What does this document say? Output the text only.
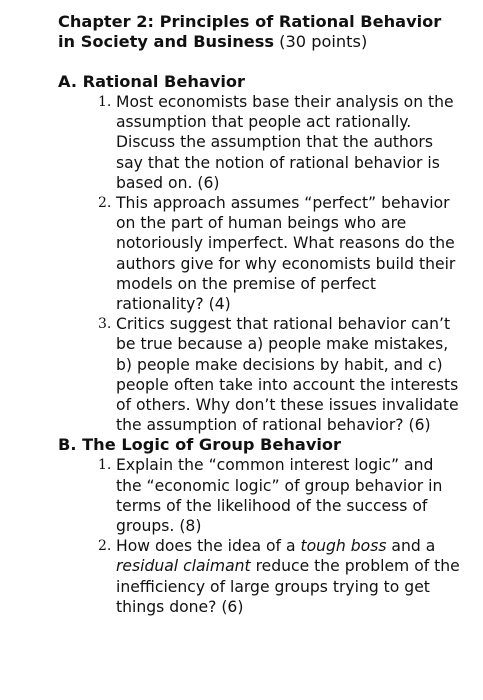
Chapter 2: Principles of Rational Behavior in Society and Business (30 points)
A. Rational Behavior
1. Most economists base their analysis on the assumption that people act rationally. Discuss the assumption that the authors say that the notion of rational behavior is based on. (6)
2. This approach assumes “perfect” behavior on the part of human beings who are notoriously imperfect. What reasons do the authors give for why economists build their models on the premise of perfect rationality? (4)
3. Critics suggest that rational behavior can’t be true because a) people make mistakes, b) people make decisions by habit, and c) people often take into account the interests of others. Why don’t these issues invalidate the assumption of rational behavior? (6)
B. The Logic of Group Behavior
1. Explain the “common interest logic” and the “economic logic” of group behavior in terms of the likelihood of the success of groups. (8)
2. How does the idea of a tough boss and a residual claimant reduce the problem of the inefficiency of large groups trying to get things done? (6)
